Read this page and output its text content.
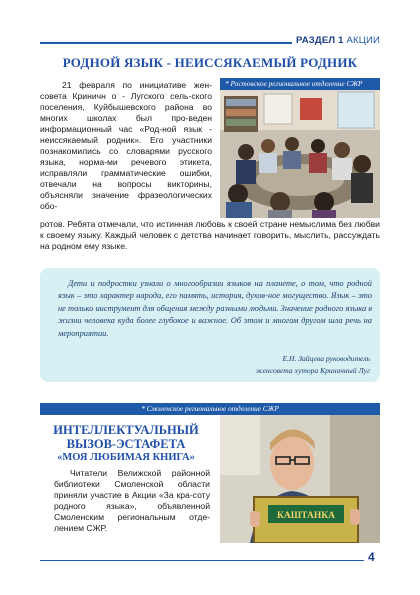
РАЗДЕЛ 1 АКЦИИ
РОДНОЙ ЯЗЫК - НЕИССЯКАЕМЫЙ РОДНИК
* Ростовское региональное отделение СЖР

21 февраля по инициативе жен-совета Криничн о - Лугского сель-ского поселения, Куйбышевского района во многих школах был про-веден информационный час «Род-ной язык - неиссякаемый родник». Его участники познакомились со словарями русского языка, норма-ми речевого этикета, исправляли грамматические ошибки, отвечали на вопросы викторины, объясняли значение фразеологических обо-

ротов. Ребята отмечали, что истинная любовь к своей стране немыслима без любви к своему языку. Каждый человек с детства начинает говорить, мыслить, рассуждать на родном ему языке.

Дети и подростки узнали о многообразии языков на планете, о том, что родной язык – это характер народа, его память, история, духов-ное могущество. Язык – это не только инструмент для общения между разными людьми. Значение родного языка в жизни человека куда более глубокое и важное. Об этом и многом другом шла речь на мероприятии.

Е.Н. Зайцева руководитель
женсовета хутора Криничный Луг
* Смоленское региональное отделение СЖР
ИНТЕЛЛЕКТУАЛЬНЫЙ
ВЫЗОВ-ЭСТАФЕТА
«МОЯ ЛЮБИМАЯ КНИГА»

Читатели Велижской районной библиотеки Смоленской области приняли участие в Акции «За кра-соту родного языка», объявленной Смоленским региональным отде-лением СЖР.

КАШТАНКА
4
